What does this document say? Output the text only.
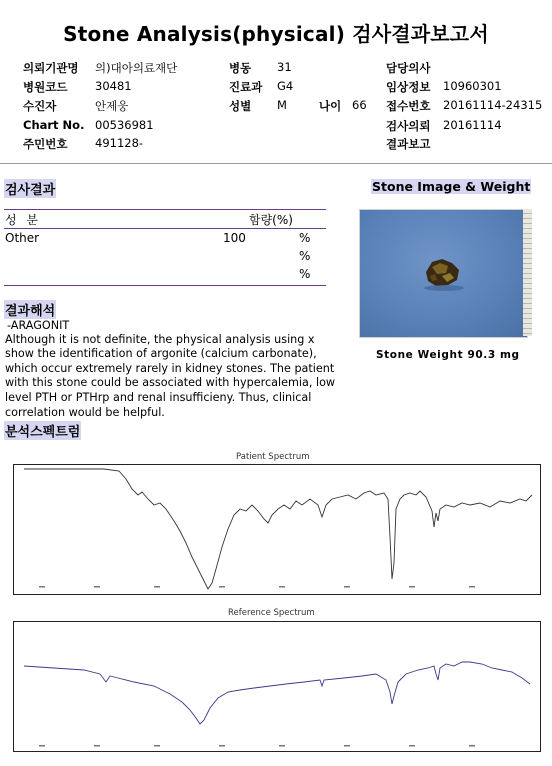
Stone Analysis(physical) 검사결과보고서
의뢰기관명 의)대아의료재단
병원코드 30481
수진자	안제웅
Chart No. 00536981
주민번호 491128-
병동 31
진료과 G4
성별 M	나이 66
담당의사
임상정보 10960301
접수번호 20161114-24315
검사의뢰 20161114
결과보고
검사결과
성 분	함량(%)
Other	100	%
%
%
Stone Image & Weight
Stone Weight 90.3 mg
결과해석
-ARAGONIT
Although it is not definite, the physical analysis using x
show the identification of argonite (calcium carbonate),
which occur extremely rarely in kidney stones. The patient
with this stone could be associated with hypercalemia, low
level PTH or PTHrp and renal insufficieny. Thus, clinical
correlation would be helpful.
분석스펙트럼
Patient Spectrum
Reference Spectrum
